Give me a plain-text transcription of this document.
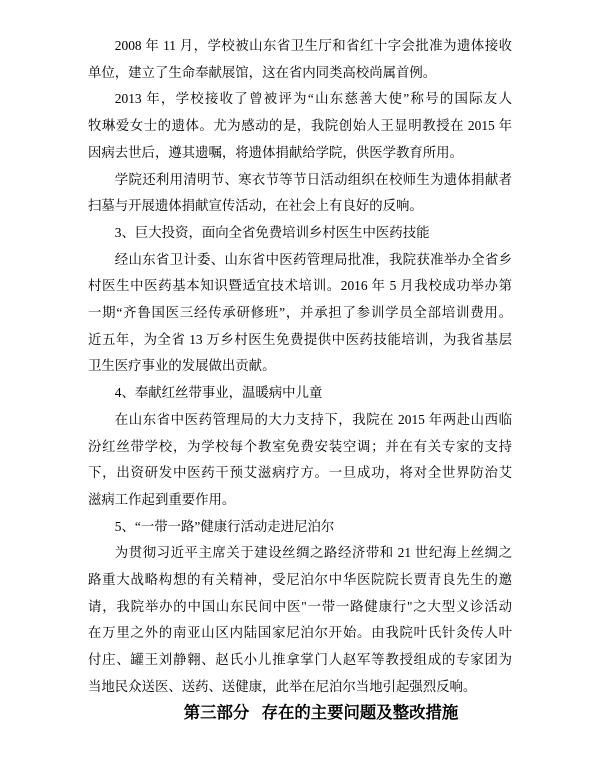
2008 年 11 月，学校被山东省卫生厅和省红十字会批准为遗体接收
单位，建立了生命奉献展馆，这在省内同类高校尚属首例。
2013 年，学校接收了曾被评为“山东慈善大使”称号的国际友人
牧琳爱女士的遗体。尤为感动的是，我院创始人王显明教授在 2015 年
因病去世后，遵其遗嘱，将遗体捐献给学院，供医学教育所用。
学院还利用清明节、寒衣节等节日活动组织在校师生为遗体捐献者
扫墓与开展遗体捐献宣传活动，在社会上有良好的反响。
3、巨大投资，面向全省免费培训乡村医生中医药技能
经山东省卫计委、山东省中医药管理局批准，我院获准举办全省乡
村医生中医药基本知识暨适宜技术培训。2016 年 5 月我校成功举办第
一期“齐鲁国医三经传承研修班”，并承担了参训学员全部培训费用。
近五年，为全省 13 万乡村医生免费提供中医药技能培训，为我省基层
卫生医疗事业的发展做出贡献。
4、奉献红丝带事业，温暖病中儿童
在山东省中医药管理局的大力支持下，我院在 2015 年两赴山西临
汾红丝带学校，为学校每个教室免费安装空调；并在有关专家的支持
下，出资研发中医药干预艾滋病疗方。一旦成功，将对全世界防治艾
滋病工作起到重要作用。
5、“一带一路”健康行活动走进尼泊尔
为贯彻习近平主席关于建设丝绸之路经济带和 21 世纪海上丝绸之
路重大战略构想的有关精神，受尼泊尔中华医院院长贾青良先生的邀
请，我院举办的中国山东民间中医"一带一路健康行"之大型义诊活动
在万里之外的南亚山区内陆国家尼泊尔开始。由我院叶氏针灸传人叶
付庄、罐王刘静翱、赵氏小儿推拿掌门人赵军等教授组成的专家团为
当地民众送医、送药、送健康，此举在尼泊尔当地引起强烈反响。
第三部分   存在的主要问题及整改措施
